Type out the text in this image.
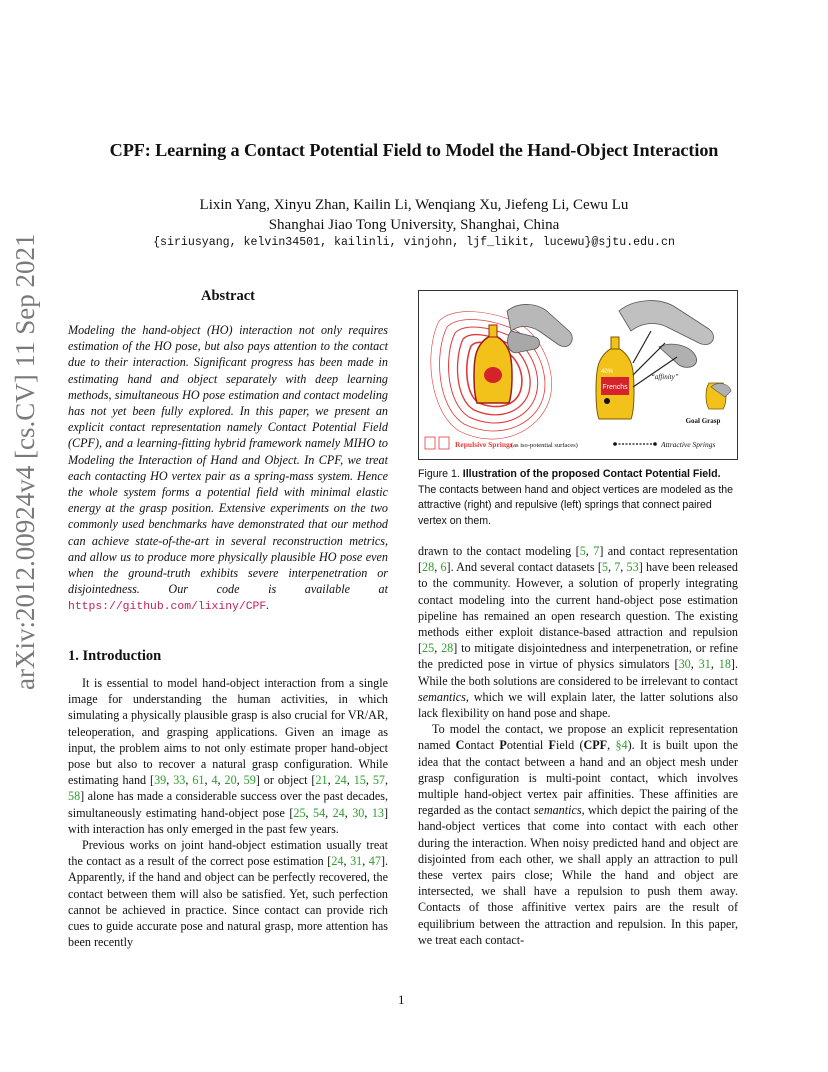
arXiv:2012.00924v4 [cs.CV] 11 Sep 2021
CPF: Learning a Contact Potential Field to Model the Hand-Object Interaction
Lixin Yang, Xinyu Zhan, Kailin Li, Wenqiang Xu, Jiefeng Li, Cewu Lu
Shanghai Jiao Tong University, Shanghai, China
{siriusyang, kelvin34501, kailinli, vinjohn, ljf_likit, lucewu}@sjtu.edu.cn
Abstract
Modeling the hand-object (HO) interaction not only requires estimation of the HO pose, but also pays attention to the contact due to their interaction. Significant progress has been made in estimating hand and object separately with deep learning methods, simultaneous HO pose estimation and contact modeling has not yet been fully explored. In this paper, we present an explicit contact representation namely Contact Potential Field (CPF), and a learning-fitting hybrid framework namely MIHO to Modeling the Interaction of Hand and Object. In CPF, we treat each contacting HO vertex pair as a spring-mass system. Hence the whole system forms a potential field with minimal elastic energy at the grasp position. Extensive experiments on the two commonly used benchmarks have demonstrated that our method can achieve state-of-the-art in several reconstruction metrics, and allow us to produce more physically plausible HO pose even when the ground-truth exhibits severe interpenetration or disjointedness. Our code is available at https://github.com/lixiny/CPF.
1. Introduction

It is essential to model hand-object interaction from a single image for understanding the human activities, in which simulating a physically plausible grasp is also crucial for VR/AR, teleoperation, and grasping applications. Given an image as input, the problem aims to not only estimate proper hand-object pose but also to recover a natural grasp configuration. While estimating hand [39, 33, 61, 4, 20, 59] or object [21, 24, 15, 57, 58] alone has made a considerable success over the past decades, simultaneously estimating hand-object pose [25, 54, 24, 30, 13] with interaction has only emerged in the past few years.

Previous works on joint hand-object estimation usually treat the contact as a result of the correct pose estimation [24, 31, 47]. Apparently, if the hand and object can be perfectly recovered, the contact between them will also be satisfied. Yet, such perfection cannot be achieved in practice. Since contact can provide rich cues to guide accurate pose and natural grasp, more attention has been recently

Frenchs
40%
“affinity”
Goal Grasp
Repulsive Springs
(as iso-potential surfaces)	Attractive Springs
Figure 1. Illustration of the proposed Contact Potential Field. The contacts between hand and object vertices are modeled as the attractive (right) and repulsive (left) springs that connect paired vertex on them.

drawn to the contact modeling [5, 7] and contact representation [28, 6]. And several contact datasets [5, 7, 53] have been released to the community. However, a solution of properly integrating contact modeling into the current hand-object pose estimation pipeline has remained an open research question. The existing methods either exploit distance-based attraction and repulsion [25, 28] to mitigate disjointedness and interpenetration, or refine the predicted pose in virtue of physics simulators [30, 31, 18]. While the both solutions are considered to be irrelevant to contact semantics, which we will explain later, the latter solutions also lack flexibility on hand pose and shape.

To model the contact, we propose an explicit representation named Contact Potential Field (CPF, §4). It is built upon the idea that the contact between a hand and an object mesh under grasp configuration is multi-point contact, which involves multiple hand-object vertex pair affinities. These affinities are regarded as the contact semantics, which depict the pairing of the hand-object vertices that come into contact with each other during the interaction. When noisy predicted hand and object are disjointed from each other, we shall apply an attraction to pull these vertex pairs close; While the hand and object are intersected, we shall have a repulsion to push them away. Contacts of those affinitive vertex pairs are the result of equilibrium between the attraction and repulsion. In this paper, we treat each contact-

1
